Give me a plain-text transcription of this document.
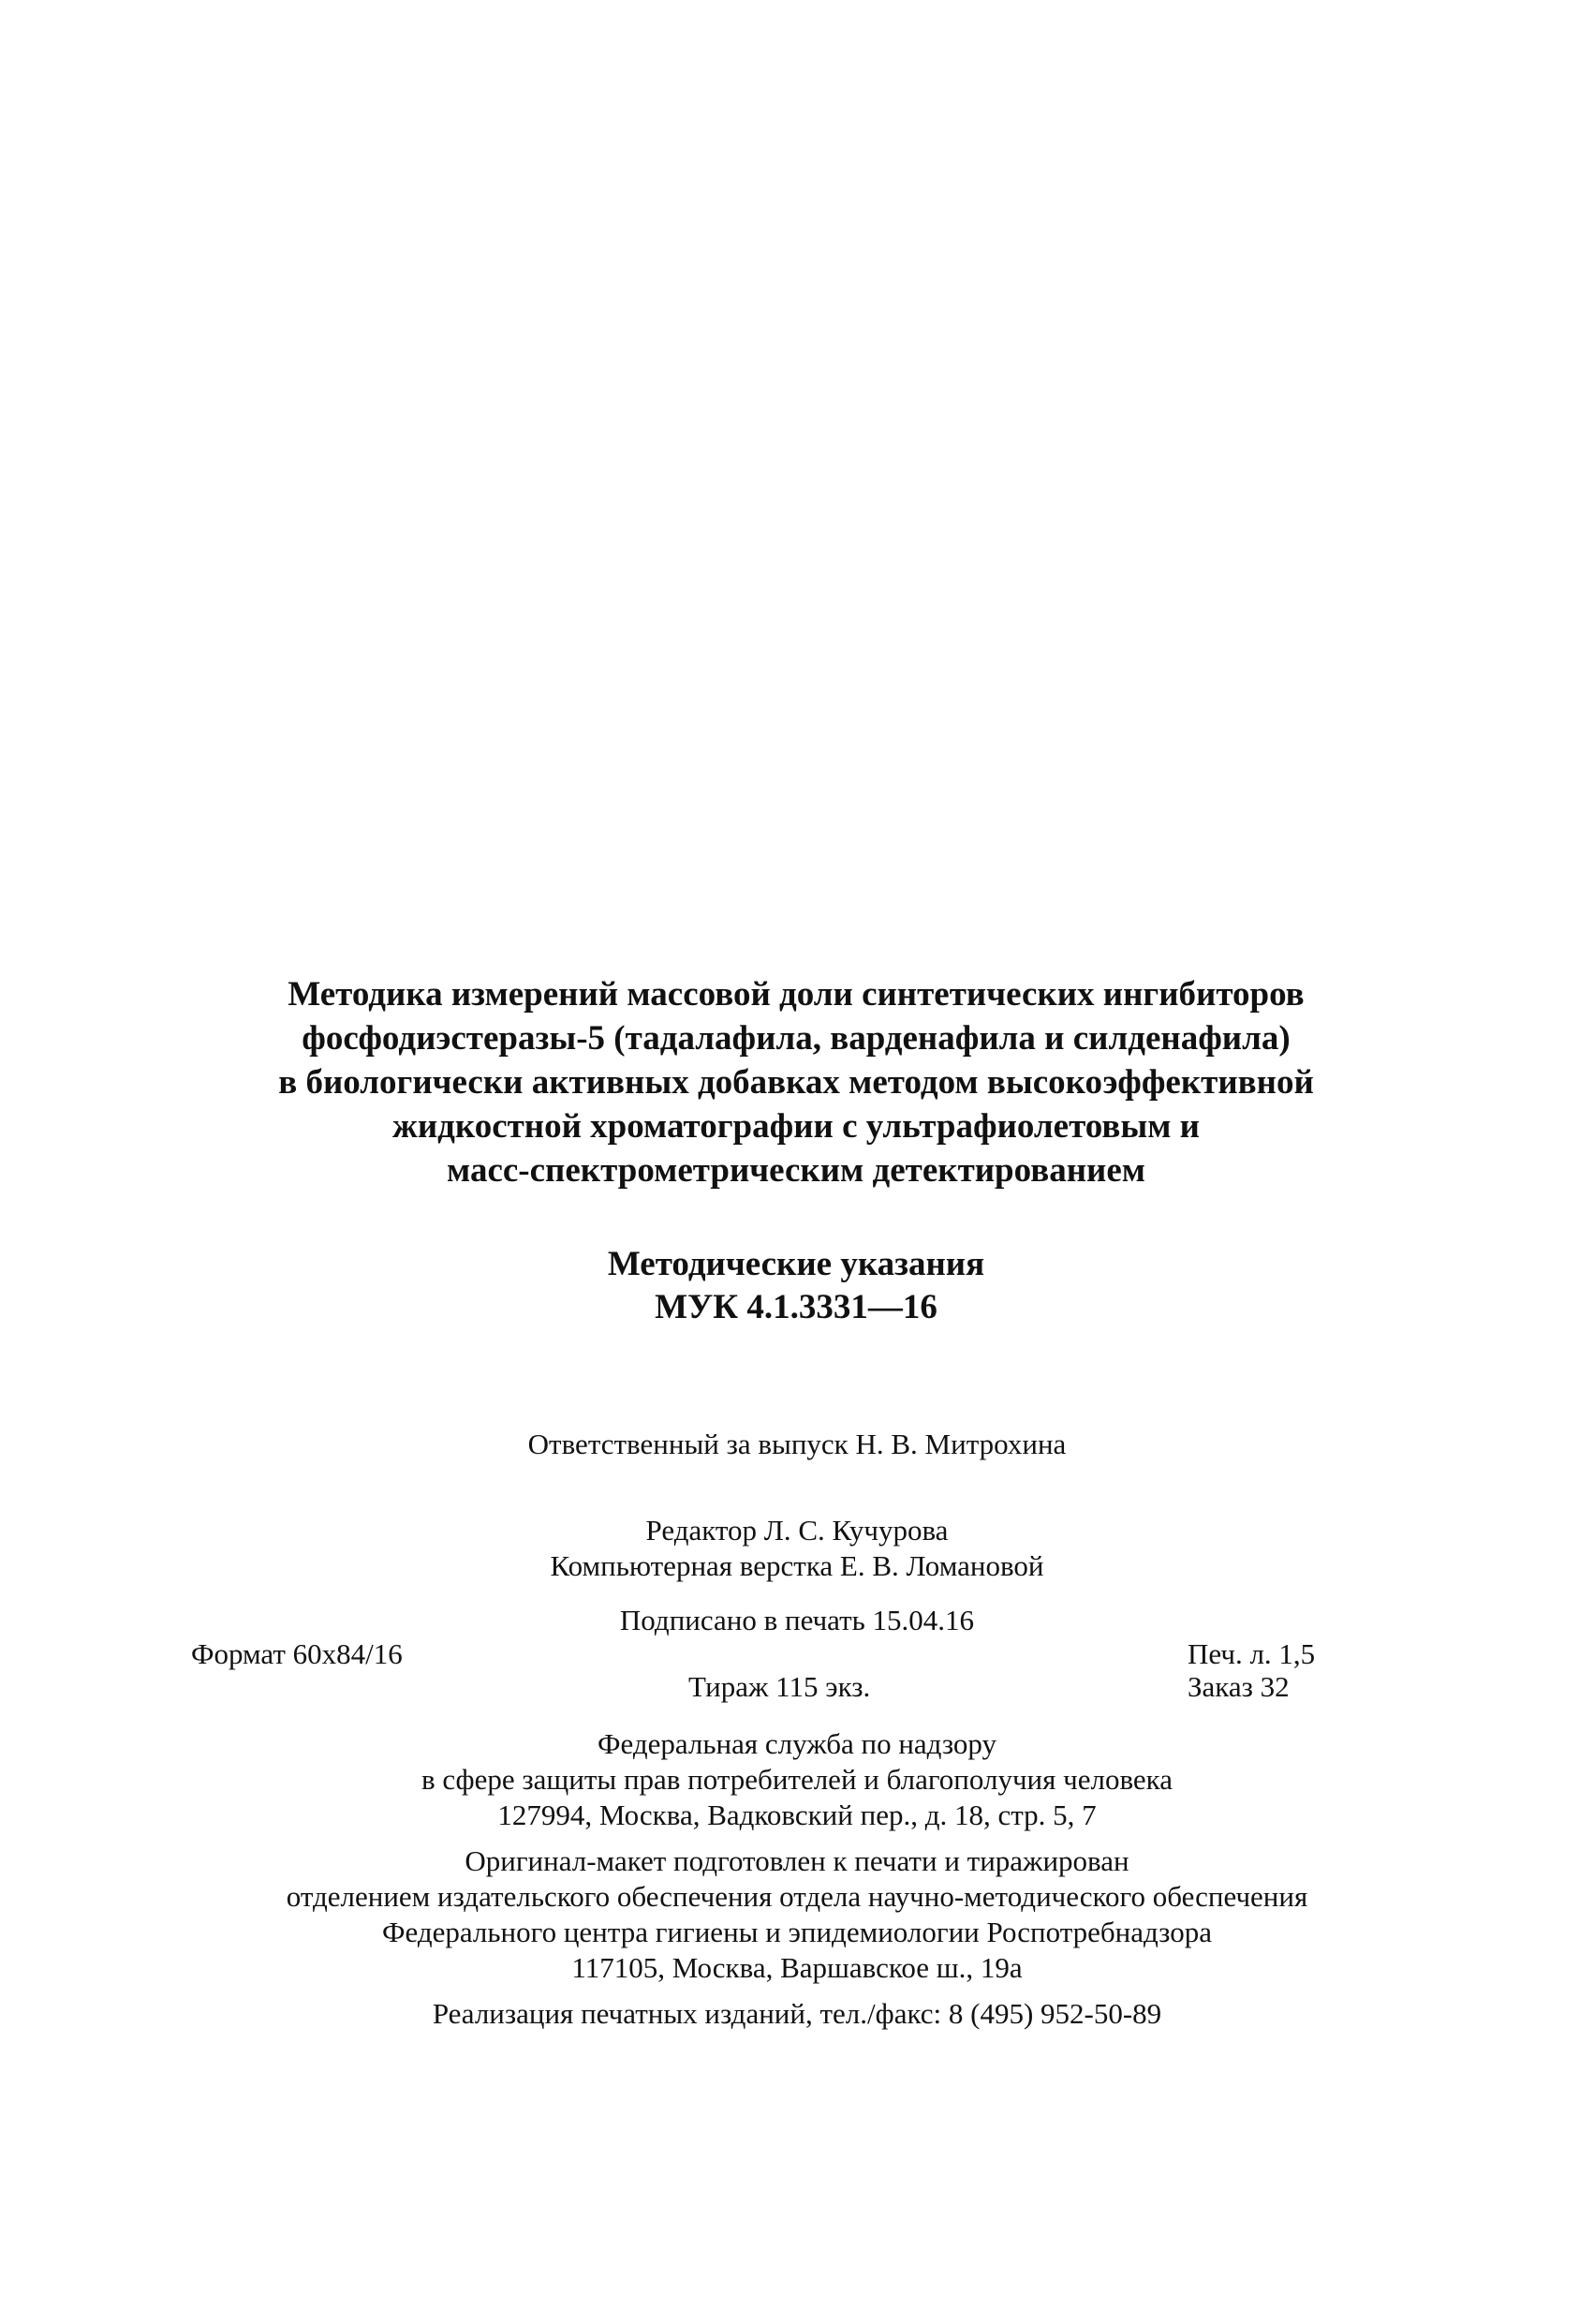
Методика измерений массовой доли синтетических ингибиторов
фосфодиэстеразы-5 (тадалафила, варденафила и силденафила)
в биологически активных добавках методом высокоэффективной
жидкостной хроматографии с ультрафиолетовым и
масс-спектрометрическим детектированием
Методические указания
МУК 4.1.3331—16
Ответственный за выпуск Н. В. Митрохина
Редактор Л. С. Кучурова
Компьютерная верстка Е. В. Ломановой
Подписано в печать 15.04.16
Формат 60x84/16	Печ. л. 1,5
Тираж 115 экз.	Заказ 32
Федеральная служба по надзору
в сфере защиты прав потребителей и благополучия человека
127994, Москва, Вадковский пер., д. 18, стр. 5, 7
Оригинал-макет подготовлен к печати и тиражирован
отделением издательского обеспечения отдела научно-методического обеспечения
Федерального центра гигиены и эпидемиологии Роспотребнадзора
117105, Москва, Варшавское ш., 19а
Реализация печатных изданий, тел./факс: 8 (495) 952-50-89
